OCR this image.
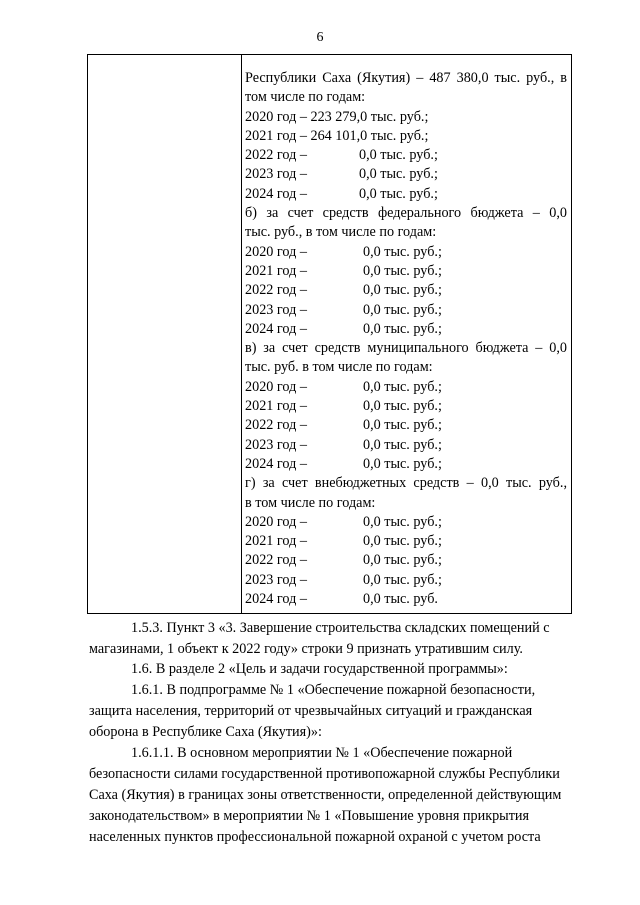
6
Республики Саха (Якутия) – 487 380,0 тыс. руб., в
том числе по годам:
2020 год – 223 279,0 тыс. руб.;
2021 год – 264 101,0 тыс. руб.;
2022 год –	0,0 тыс. руб.;
2023 год –	0,0 тыс. руб.;
2024 год –	0,0 тыс. руб.;
б) за счет средств федерального бюджета – 0,0
тыс. руб., в том числе по годам:
2020 год –	0,0 тыс. руб.;
2021 год –	0,0 тыс. руб.;
2022 год –	0,0 тыс. руб.;
2023 год –	0,0 тыс. руб.;
2024 год –	0,0 тыс. руб.;
в) за счет средств муниципального бюджета – 0,0
тыс. руб. в том числе по годам:
2020 год –	0,0 тыс. руб.;
2021 год –	0,0 тыс. руб.;
2022 год –	0,0 тыс. руб.;
2023 год –	0,0 тыс. руб.;
2024 год –	0,0 тыс. руб.;
г) за счет внебюджетных средств – 0,0 тыс. руб.,
в том числе по годам:
2020 год –	0,0 тыс. руб.;
2021 год –	0,0 тыс. руб.;
2022 год –	0,0 тыс. руб.;
2023 год –	0,0 тыс. руб.;
2024 год –	0,0 тыс. руб.
1.5.3. Пункт 3 «3. Завершение строительства складских помещений с
магазинами, 1 объект к 2022 году» строки 9 признать утратившим силу.
1.6. В разделе 2 «Цель и задачи государственной программы»:
1.6.1. В подпрограмме № 1 «Обеспечение пожарной безопасности,
защита населения, территорий от чрезвычайных ситуаций и гражданская
оборона в Республике Саха (Якутия)»:
1.6.1.1. В основном мероприятии № 1 «Обеспечение пожарной
безопасности силами государственной противопожарной службы Республики
Саха (Якутия) в границах зоны ответственности, определенной действующим
законодательством» в мероприятии № 1 «Повышение уровня прикрытия
населенных пунктов профессиональной пожарной охраной с учетом роста
